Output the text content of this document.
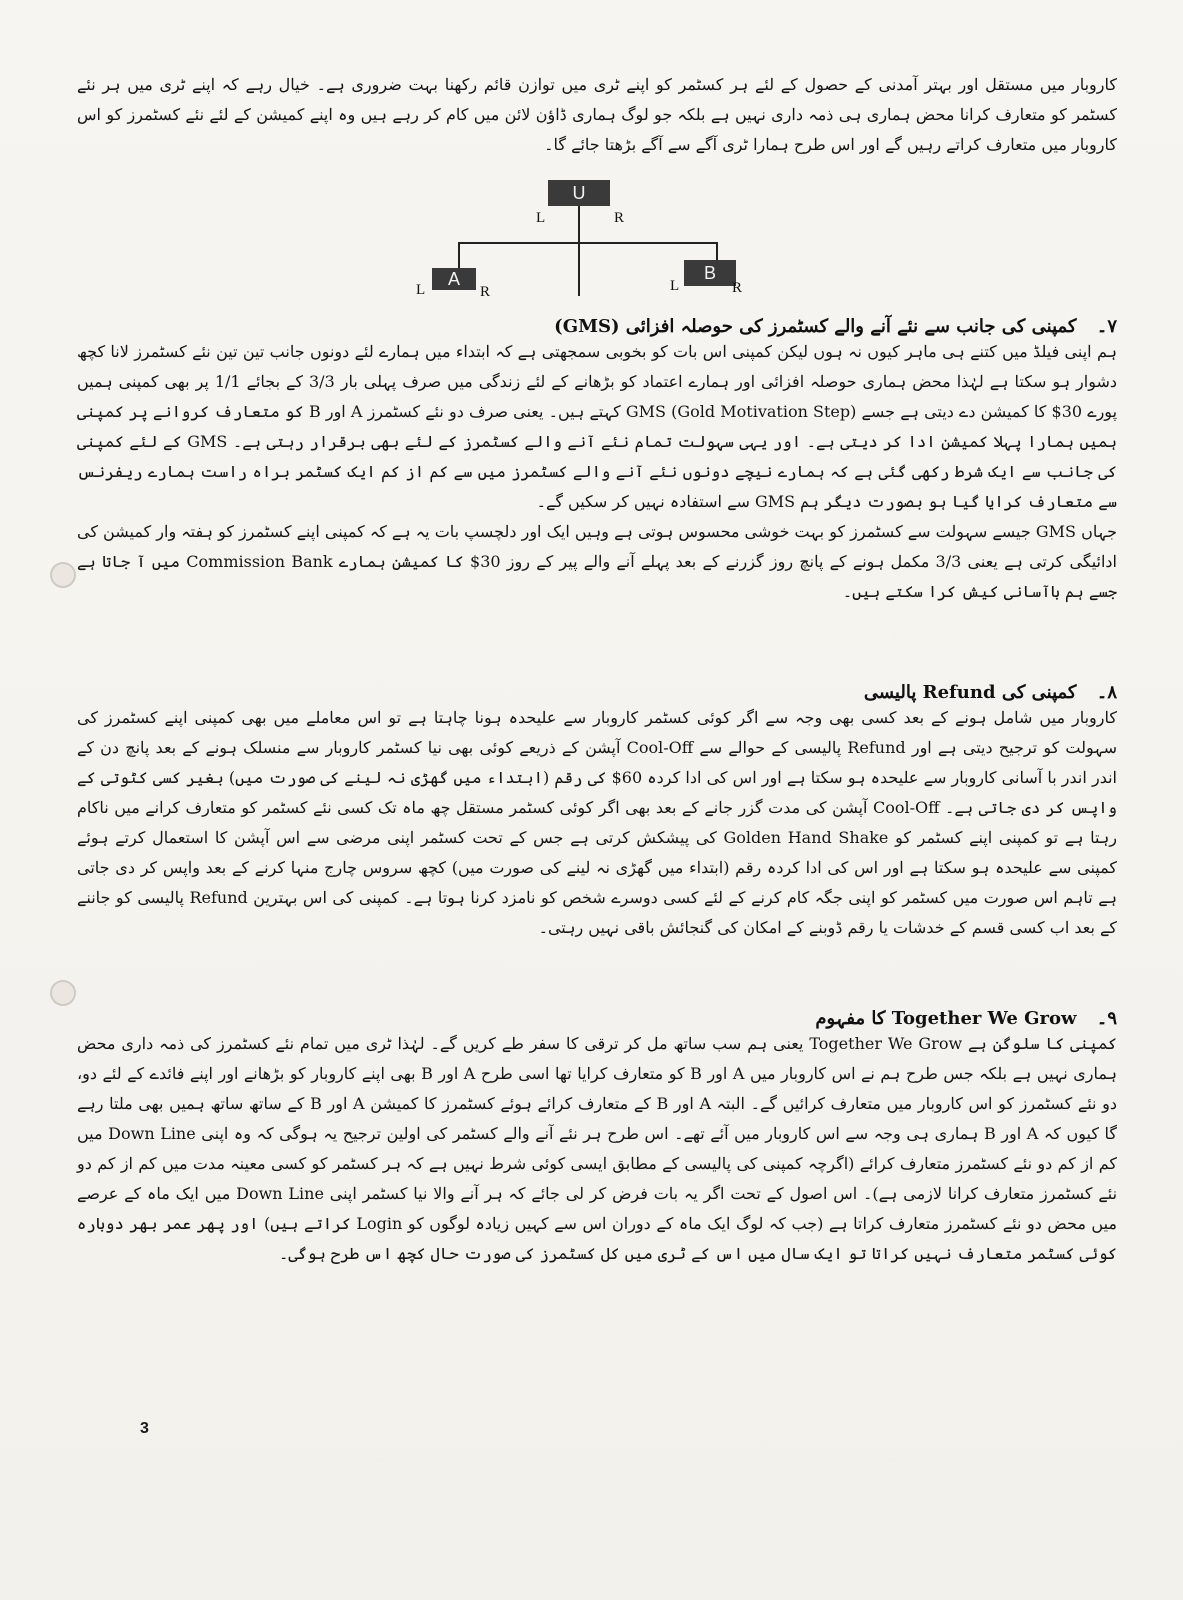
کاروبار میں مستقل اور بہتر آمدنی کے حصول کے لئے ہر کسٹمر کو اپنے ٹری میں توازن قائم رکھنا بہت ضروری ہے۔ خیال رہے کہ اپنے ٹری میں ہر نئے کسٹمر کو متعارف کرانا محض ہماری ہی ذمہ داری نہیں ہے بلکہ جو لوگ ہماری ڈاؤن لائن میں کام کر رہے ہیں وہ اپنے کمیشن کے لئے نئے کسٹمرز کو اس کاروبار میں متعارف کراتے رہیں گے اور اس طرح ہمارا ٹری آگے سے آگے بڑھتا جائے گا۔

U
A	B
L	R
L	R	L	R

۷۔ کمپنی کی جانب سے نئے آنے والے کسٹمرز کی حوصلہ افزائی (GMS)

ہم اپنی فیلڈ میں کتنے ہی ماہر کیوں نہ ہوں لیکن کمپنی اس بات کو بخوبی سمجھتی ہے کہ ابتداء میں ہمارے لئے دونوں جانب تین تین نئے کسٹمرز لانا کچھ دشوار ہو سکتا ہے لہٰذا محض ہماری حوصلہ افزائی اور ہمارے اعتماد کو بڑھانے کے لئے زندگی میں صرف پہلی بار 3/3 کے بجائے 1/1 پر بھی کمپنی ہمیں پورے 30$ کا کمیشن دے دیتی ہے جسے GMS (Gold Motivation Step) کہتے ہیں۔ یعنی صرف دو نئے کسٹمرز A اور B کو متعارف کروانے پر کمپنی ہمیں ہمارا پہلا کمیشن ادا کر دیتی ہے۔ اور یہی سہولت تمام نئے آنے والے کسٹمرز کے لئے بھی برقرار رہتی ہے۔ GMS کے لئے کمپنی کی جانب سے ایک شرط رکھی گئی ہے کہ ہمارے نیچے دونوں نئے آنے والے کسٹمرز میں سے کم از کم ایک کسٹمر براہ راست ہمارے ریفرنس سے متعارف کرایا گیا ہو بصورت دیگر ہم GMS سے استفادہ نہیں کر سکیں گے۔

جہاں GMS جیسے سہولت سے کسٹمرز کو بہت خوشی محسوس ہوتی ہے وہیں ایک اور دلچسپ بات یہ ہے کہ کمپنی اپنے کسٹمرز کو ہفتہ وار کمیشن کی ادائیگی کرتی ہے یعنی 3/3 مکمل ہونے کے پانچ روز گزرنے کے بعد پہلے آنے والے پیر کے روز 30$ کا کمیشن ہمارے Commission Bank میں آ جاتا ہے جسے ہم باآسانی کیش کرا سکتے ہیں۔

۸۔ کمپنی کی Refund پالیسی

کاروبار میں شامل ہونے کے بعد کسی بھی وجہ سے اگر کوئی کسٹمر کاروبار سے علیحدہ ہونا چاہتا ہے تو اس معاملے میں بھی کمپنی اپنے کسٹمرز کی سہولت کو ترجیح دیتی ہے اور Refund پالیسی کے حوالے سے Cool-Off آپشن کے ذریعے کوئی بھی نیا کسٹمر کاروبار سے منسلک ہونے کے بعد پانچ دن کے اندر اندر با آسانی کاروبار سے علیحدہ ہو سکتا ہے اور اس کی ادا کردہ 60$ کی رقم (ابتداء میں گھڑی نہ لینے کی صورت میں) بغیر کسی کٹوتی کے واپس کر دی جاتی ہے۔ Cool-Off آپشن کی مدت گزر جانے کے بعد بھی اگر کوئی کسٹمر مستقل چھ ماہ تک کسی نئے کسٹمر کو متعارف کرانے میں ناکام رہتا ہے تو کمپنی اپنے کسٹمر کو Golden Hand Shake کی پیشکش کرتی ہے جس کے تحت کسٹمر اپنی مرضی سے اس آپشن کا استعمال کرتے ہوئے کمپنی سے علیحدہ ہو سکتا ہے اور اس کی ادا کردہ رقم (ابتداء میں گھڑی نہ لینے کی صورت میں) کچھ سروس چارج منہا کرنے کے بعد واپس کر دی جاتی ہے تاہم اس صورت میں کسٹمر کو اپنی جگہ کام کرنے کے لئے کسی دوسرے شخص کو نامزد کرنا ہوتا ہے۔ کمپنی کی اس بہترین Refund پالیسی کو جاننے کے بعد اب کسی قسم کے خدشات یا رقم ڈوبنے کے امکان کی گنجائش باقی نہیں رہتی۔

۹۔ Together We Grow کا مفہوم

کمپنی کا سلوگن ہے Together We Grow یعنی ہم سب ساتھ مل کر ترقی کا سفر طے کریں گے۔ لہٰذا ٹری میں تمام نئے کسٹمرز کی ذمہ داری محض ہماری نہیں ہے بلکہ جس طرح ہم نے اس کاروبار میں A اور B کو متعارف کرایا تھا اسی طرح A اور B بھی اپنے کاروبار کو بڑھانے اور اپنے فائدے کے لئے دو، دو نئے کسٹمرز کو اس کاروبار میں متعارف کرائیں گے۔ البتہ A اور B کے متعارف کرائے ہوئے کسٹمرز کا کمیشن A اور B کے ساتھ ساتھ ہمیں بھی ملتا رہے گا کیوں کہ A اور B ہماری ہی وجہ سے اس کاروبار میں آئے تھے۔ اس طرح ہر نئے آنے والے کسٹمر کی اولین ترجیح یہ ہوگی کہ وہ اپنی Down Line میں کم از کم دو نئے کسٹمرز متعارف کرائے (اگرچہ کمپنی کی پالیسی کے مطابق ایسی کوئی شرط نہیں ہے کہ ہر کسٹمر کو کسی معینہ مدت میں کم از کم دو نئے کسٹمرز متعارف کرانا لازمی ہے)۔ اس اصول کے تحت اگر یہ بات فرض کر لی جائے کہ ہر آنے والا نیا کسٹمر اپنی Down Line میں ایک ماہ کے عرصے میں محض دو نئے کسٹمرز متعارف کراتا ہے (جب کہ لوگ ایک ماہ کے دوران اس سے کہیں زیادہ لوگوں کو Login کراتے ہیں) اور پھر عمر بھر دوبارہ کوئی کسٹمر متعارف نہیں کراتا تو ایک سال میں اس کے ٹری میں کل کسٹمرز کی صورت حال کچھ اس طرح ہوگی۔

3
